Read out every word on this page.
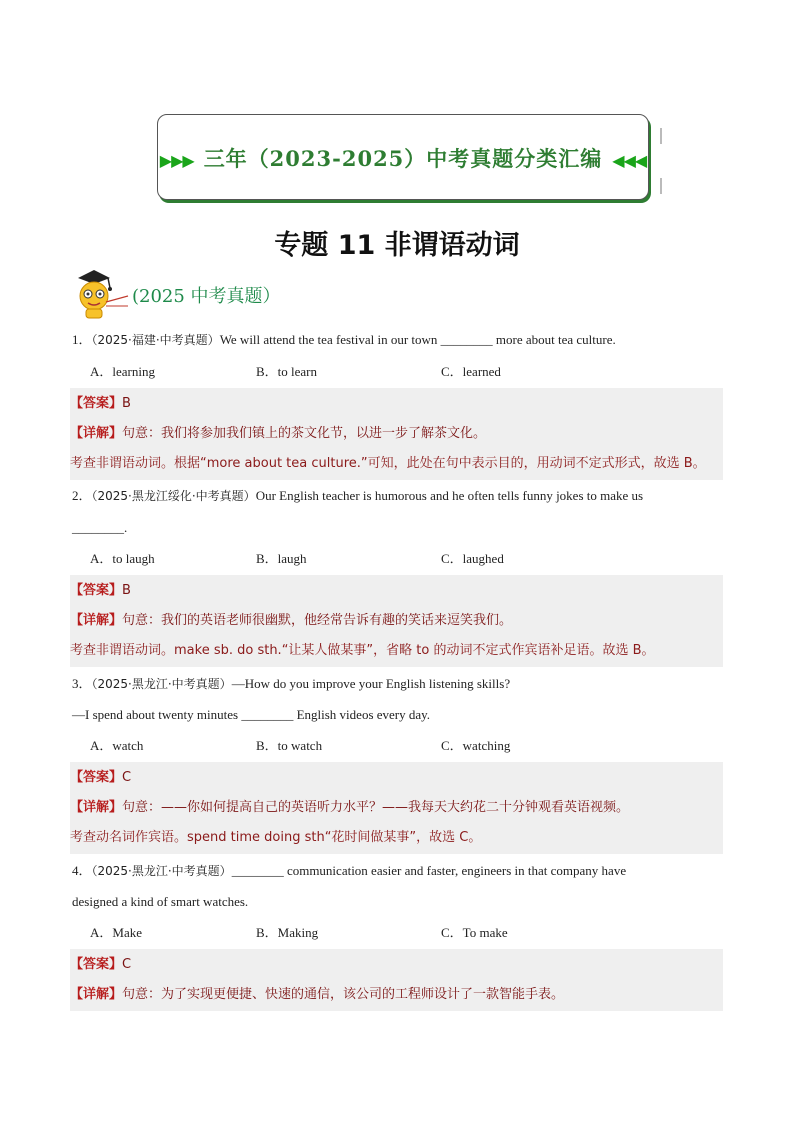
▶▶▶ 三年（2023-2025）中考真题分类汇编 ◀◀◀
专题 11 非谓语动词
(2025 中考真题）
1．（2025·福建·中考真题）We will attend the tea festival in our town ________ more about tea culture.
A．learning	B．to learn	C．learned
【答案】B
【详解】句意：我们将参加我们镇上的茶文化节，以进一步了解茶文化。
考查非谓语动词。根据“more about tea culture.”可知，此处在句中表示目的，用动词不定式形式，故选 B。
2．（2025·黑龙江绥化·中考真题）Our English teacher is humorous and he often tells funny jokes to make us
________.
A．to laugh	B．laugh	C．laughed
【答案】B
【详解】句意：我们的英语老师很幽默，他经常告诉有趣的笑话来逗笑我们。
考查非谓语动词。make sb. do sth.“让某人做某事”，省略 to 的动词不定式作宾语补足语。故选 B。
3．（2025·黑龙江·中考真题）—How do you improve your English listening skills?
—I spend about twenty minutes ________ English videos every day.
A．watch	B．to watch	C．watching
【答案】C
【详解】句意：——你如何提高自己的英语听力水平？——我每天大约花二十分钟观看英语视频。
考查动名词作宾语。spend time doing sth“花时间做某事”，故选 C。
4．（2025·黑龙江·中考真题）________ communication easier and faster, engineers in that company have
designed a kind of smart watches.
A．Make	B．Making	C．To make
【答案】C
【详解】句意：为了实现更便捷、快速的通信，该公司的工程师设计了一款智能手表。
